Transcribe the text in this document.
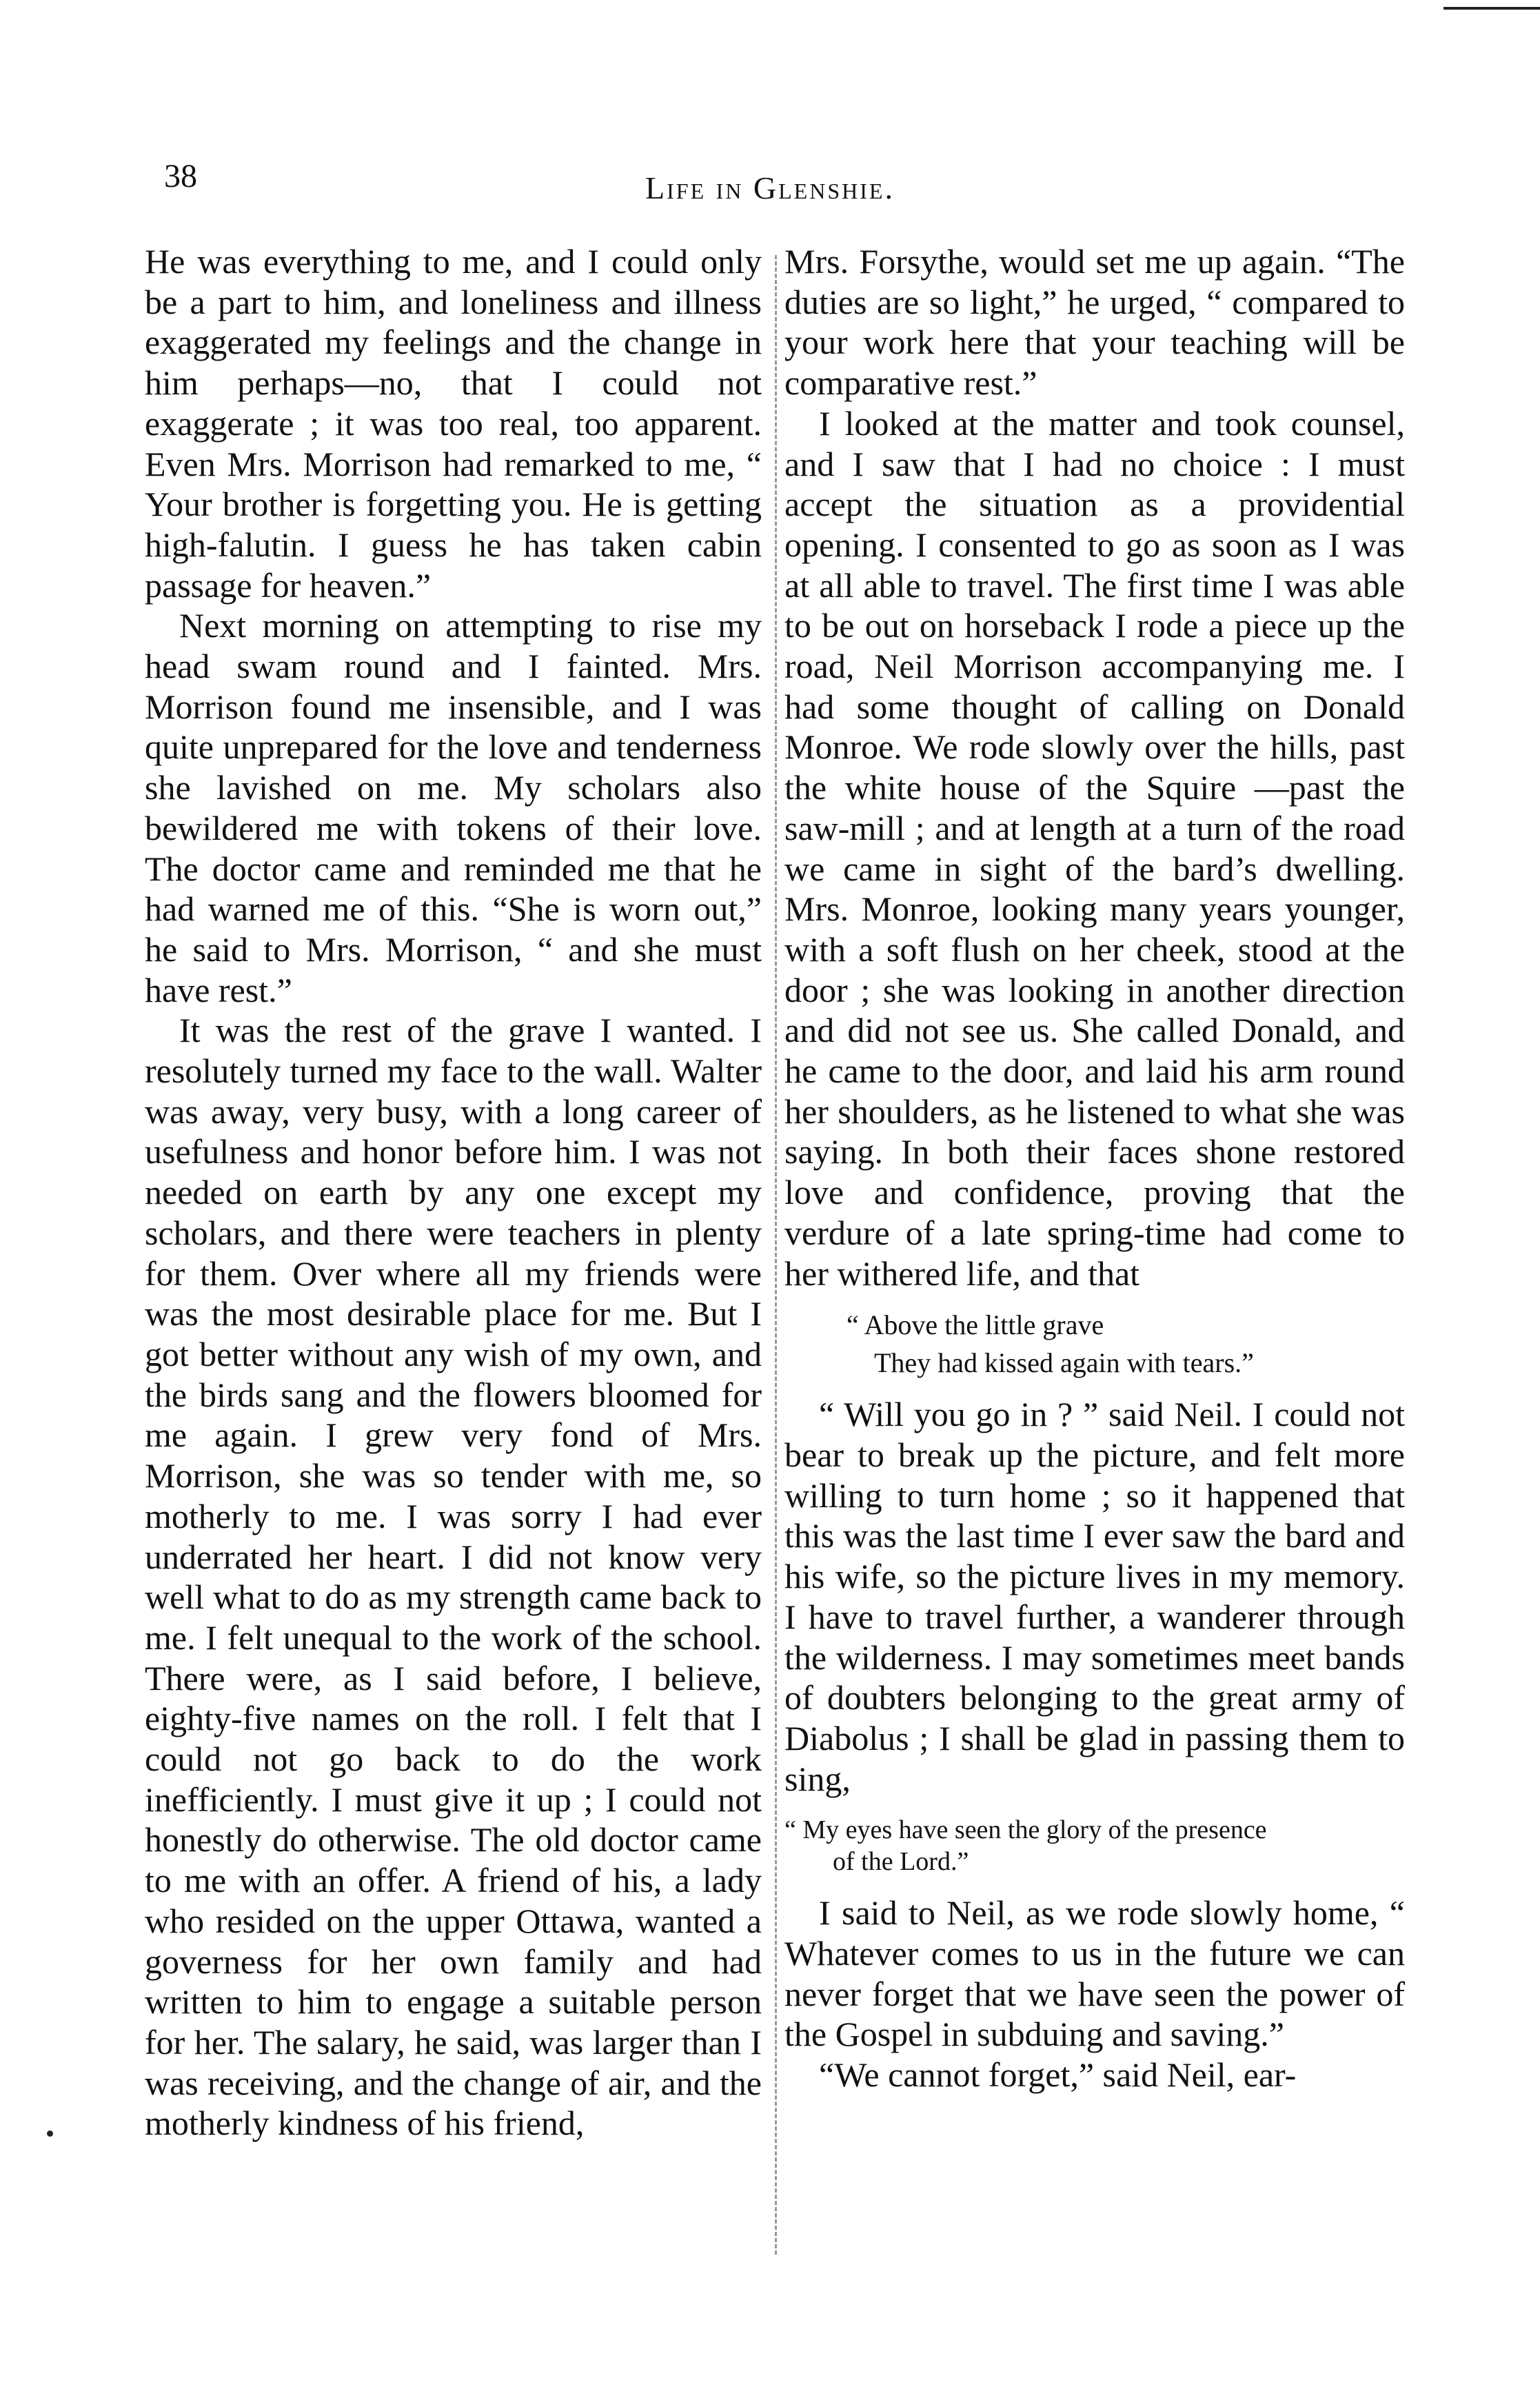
38	Life in Glenshie.

He was everything to me, and I could only be a part to him, and loneliness and illness exaggerated my feelings and the change in him perhaps—no, that I could not exaggerate ; it was too real, too apparent. Even Mrs. Morrison had remarked to me, “ Your brother is forgetting you. He is getting high-falutin. I guess he has taken cabin passage for heaven.”

Next morning on attempting to rise my head swam round and I fainted. Mrs. Morrison found me insensible, and I was quite unprepared for the love and tenderness she lavished on me. My scholars also bewildered me with tokens of their love. The doctor came and reminded me that he had warned me of this. “She is worn out,” he said to Mrs. Morrison, “ and she must have rest.”

It was the rest of the grave I wanted. I resolutely turned my face to the wall. Walter was away, very busy, with a long career of usefulness and honor before him. I was not needed on earth by any one except my scholars, and there were teachers in plenty for them. Over where all my friends were was the most desirable place for me. But I got better without any wish of my own, and the birds sang and the flowers bloomed for me again. I grew very fond of Mrs. Morrison, she was so tender with me, so motherly to me. I was sorry I had ever underrated her heart. I did not know very well what to do as my strength came back to me. I felt unequal to the work of the school. There were, as I said before, I believe, eighty-five names on the roll. I felt that I could not go back to do the work inefficiently. I must give it up ; I could not honestly do otherwise. The old doctor came to me with an offer. A friend of his, a lady who resided on the upper Ottawa, wanted a governess for her own family and had written to him to engage a suitable person for her. The salary, he said, was larger than I was receiving, and the change of air, and the motherly kindness of his friend,

Mrs. Forsythe, would set me up again. “The duties are so light,” he urged, “ compared to your work here that your teaching will be comparative rest.”

I looked at the matter and took counsel, and I saw that I had no choice : I must accept the situation as a providential opening. I consented to go as soon as I was at all able to travel. The first time I was able to be out on horseback I rode a piece up the road, Neil Morrison accompanying me. I had some thought of calling on Donald Monroe. We rode slowly over the hills, past the white house of the Squire —past the saw-mill ; and at length at a turn of the road we came in sight of the bard’s dwelling. Mrs. Monroe, looking many years younger, with a soft flush on her cheek, stood at the door ; she was looking in another direction and did not see us. She called Donald, and he came to the door, and laid his arm round her shoulders, as he listened to what she was saying. In both their faces shone restored love and confidence, proving that the verdure of a late spring-time had come to her withered life, and that

“ Above the little grave
They had kissed again with tears.”

“ Will you go in ? ” said Neil. I could not bear to break up the picture, and felt more willing to turn home ; so it happened that this was the last time I ever saw the bard and his wife, so the picture lives in my memory. I have to travel further, a wanderer through the wilderness. I may sometimes meet bands of doubters belonging to the great army of Diabolus ; I shall be glad in passing them to sing,

“ My eyes have seen the glory of the presence
of the Lord.”

I said to Neil, as we rode slowly home, “ Whatever comes to us in the future we can never forget that we have seen the power of the Gospel in subduing and saving.”

“We cannot forget,” said Neil, ear-
